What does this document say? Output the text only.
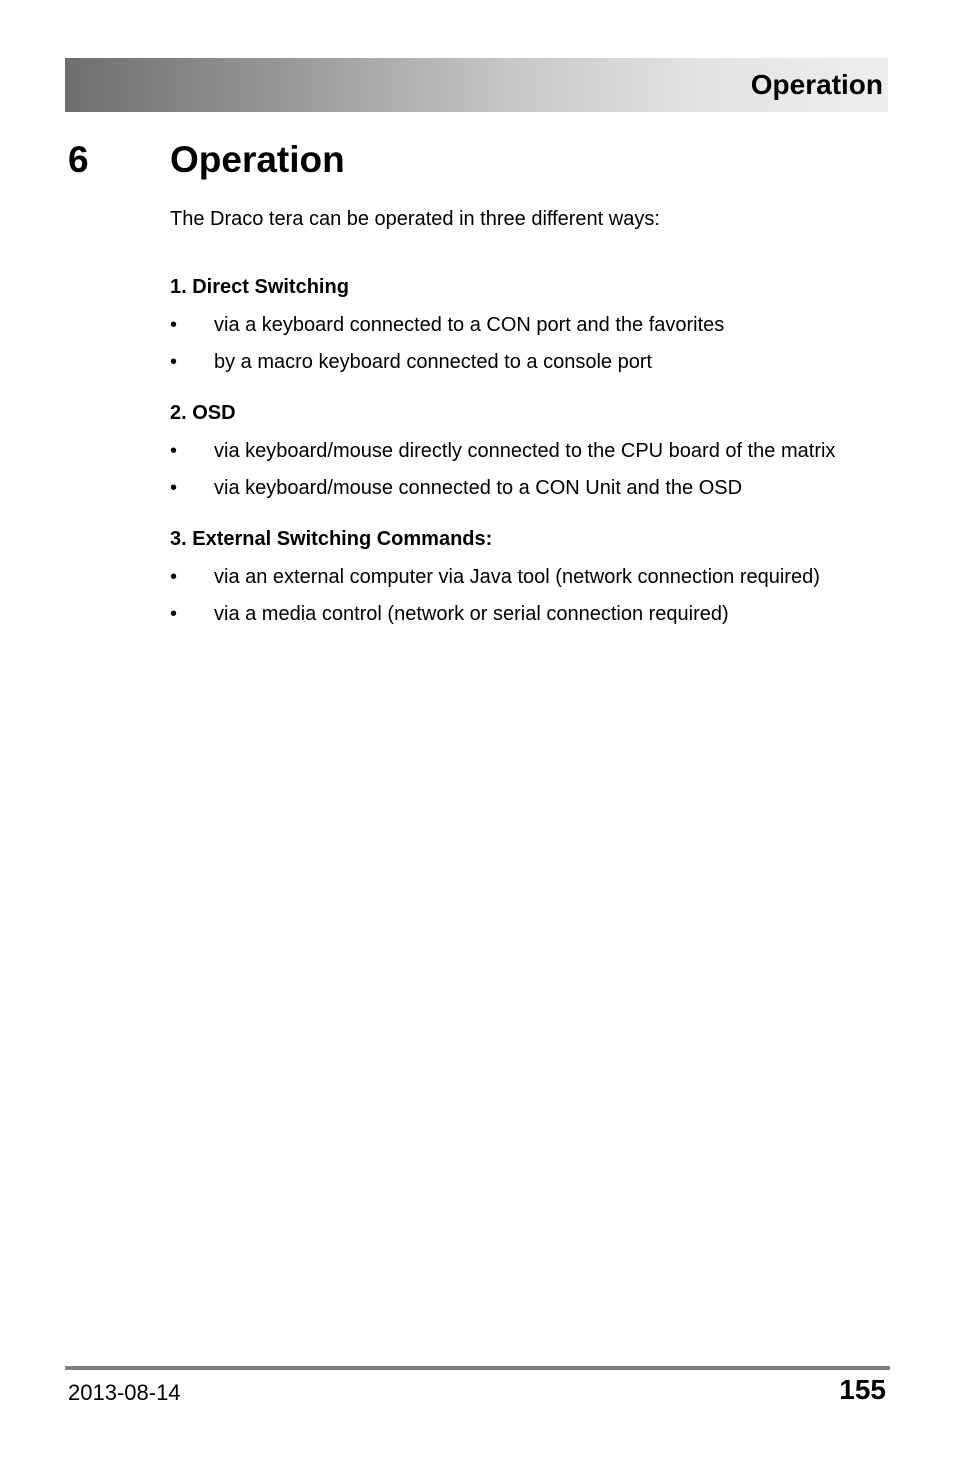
Operation
6 Operation

The Draco tera can be operated in three different ways:

1. Direct Switching
• via a keyboard connected to a CON port and the favorites
• by a macro keyboard connected to a console port
2. OSD
• via keyboard/mouse directly connected to the CPU board of the matrix
• via keyboard/mouse connected to a CON Unit and the OSD
3. External Switching Commands:
• via an external computer via Java tool (network connection required)
• via a media control (network or serial connection required)
2013-08-14	155
